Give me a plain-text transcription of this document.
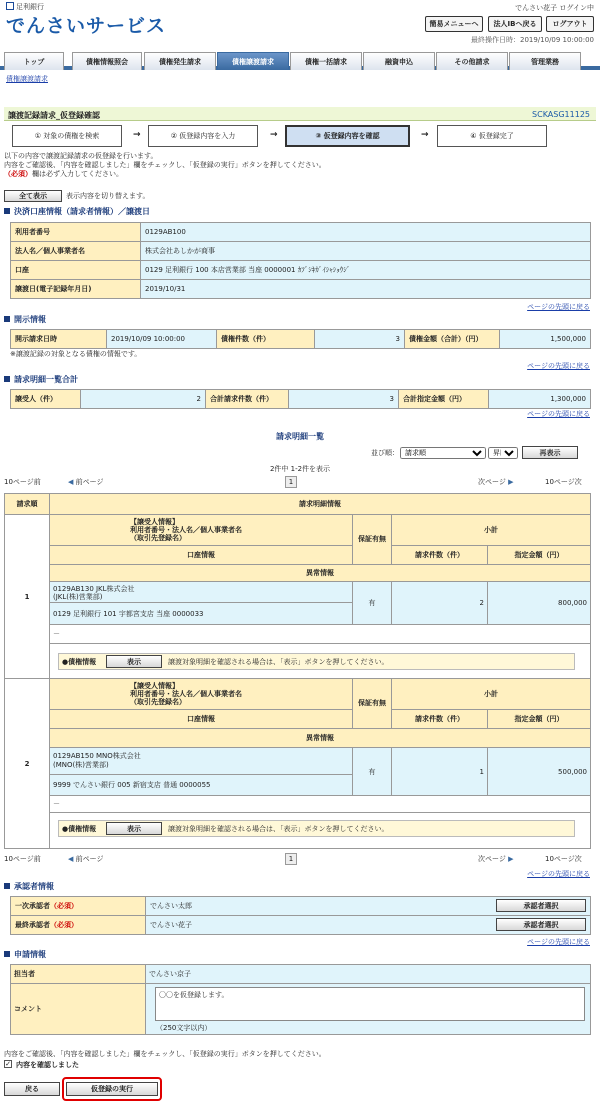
足利銀行
でんさいサービス
でんさい花子 ログイン中
簡易メニューへ	法人IBへ戻る	ログアウト
最終操作日時：2019/10/09 10:00:00
トップ	債権情報照会	債権発生請求	債権譲渡請求	債権一括請求	融資申込	その他請求	管理業務
債権譲渡請求
譲渡記録請求_仮登録確認	SCKASG11125
① 対象の債権を検索	→	② 仮登録内容を入力	→	③ 仮登録内容を確認	→	④ 仮登録完了
以下の内容で譲渡記録請求の仮登録を行います。
内容をご確認後、「内容を確認しました」欄をチェックし、「仮登録の実行」ボタンを押してください。
（必須）欄は必ず入力してください。
全て表示	表示内容を切り替えます。
決済口座情報（請求者情報）／譲渡日
利用者番号	0129AB100
法人名／個人事業者名	株式会社あしかが商事
口座	0129 足利銀行 100 本店営業部 当座 0000001 ｶﾌﾞｼｷｶﾞｲｼｬｼｮｳｼﾞ
譲渡日(電子記録年月日)	2019/10/31
ページの先頭に戻る
開示情報
開示請求日時	2019/10/09 10:00:00	債権件数（件）	3	債権金額（合計）（円）	1,500,000
※譲渡記録の対象となる債権の情報です。
ページの先頭に戻る
請求明細一覧合計
譲受人（件）	2	合計請求件数（件）	3	合計指定金額（円）	1,300,000
ページの先頭に戻る
請求明細一覧
並び順：
請求順
昇順	再表示
2件中 1-2件を表示
10ページ前	◀ 前ページ	1	次ページ ▶	10ページ次
請求順	請求明細情報
1
【譲受人情報】
利用者番号・法人名／個人事業者名
（取引先登録名）	保証有無
小計
口座情報	請求件数（件）	指定金額（円）
異常情報
0129AB130 JKL株式会社
(JKL(株)営業部)
0129 足利銀行 101 宇都宮支店 当座 0000033
有	2	800,000
－
●債権情報	表示	譲渡対象明細を確認される場合は、「表示」ボタンを押してください。
2
【譲受人情報】
利用者番号・法人名／個人事業者名
（取引先登録名）	保証有無
小計
口座情報	請求件数（件）	指定金額（円）
異常情報
0129AB150 MNO株式会社
(MNO(株)営業部)
9999 でんさい銀行 005 新宿支店 普通 0000055
有	1	500,000
－
●債権情報	表示	譲渡対象明細を確認される場合は、「表示」ボタンを押してください。
10ページ前	◀ 前ページ	1	次ページ ▶	10ページ次
ページの先頭に戻る
承認者情報
一次承認者（必須）	でんさい太郎
最終承認者（必須）	でんさい花子
承認者選択
承認者選択
ページの先頭に戻る
申請情報
担当者	でんさい京子
コメント
〇〇を仮登録します。
（250文字以内）
内容をご確認後、「内容を確認しました」欄をチェックし、「仮登録の実行」ボタンを押してください。
✓ 内容を確認しました
戻る	仮登録の実行
